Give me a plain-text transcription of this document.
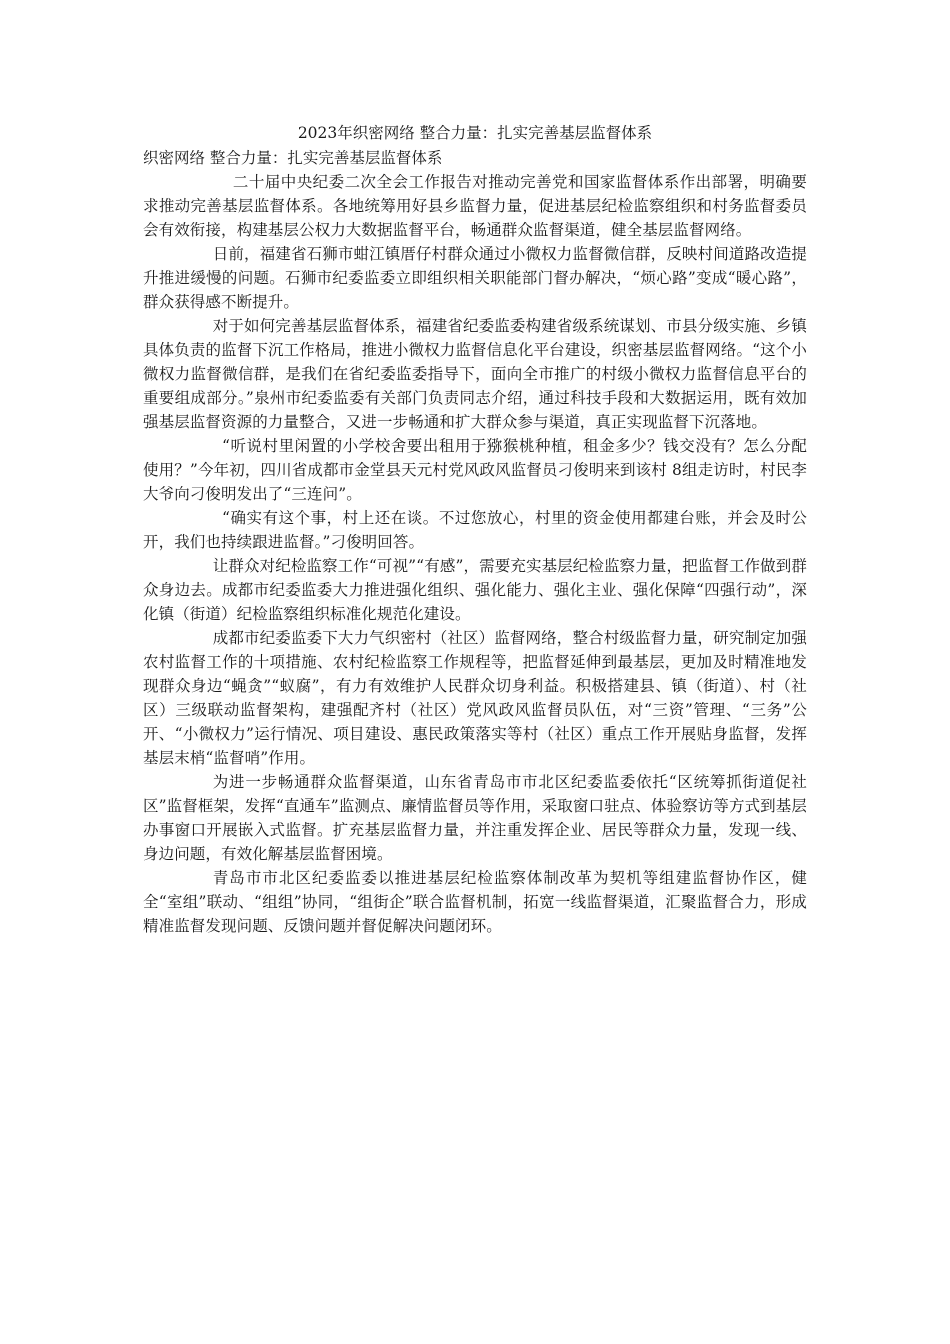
2023年织密网络 整合力量：扎实完善基层监督体系
织密网络 整合力量：扎实完善基层监督体系

二十届中央纪委二次全会工作报告对推动完善党和国家监督体系作出部署，明确要求推动完善基层监督体系。各地统筹用好县乡监督力量，促进基层纪检监察组织和村务监督委员会有效衔接，构建基层公权力大数据监督平台，畅通群众监督渠道，健全基层监督网络。

日前，福建省石狮市蚶江镇厝仔村群众通过小微权力监督微信群，反映村间道路改造提升推进缓慢的问题。石狮市纪委监委立即组织相关职能部门督办解决，“烦心路”变成“暖心路”，群众获得感不断提升。

对于如何完善基层监督体系，福建省纪委监委构建省级系统谋划、市县分级实施、乡镇具体负责的监督下沉工作格局，推进小微权力监督信息化平台建设，织密基层监督网络。“这个小微权力监督微信群，是我们在省纪委监委指导下，面向全市推广的村级小微权力监督信息平台的重要组成部分。”泉州市纪委监委有关部门负责同志介绍，通过科技手段和大数据运用，既有效加强基层监督资源的力量整合，又进一步畅通和扩大群众参与渠道，真正实现监督下沉落地。

“听说村里闲置的小学校舍要出租用于猕猴桃种植，租金多少？钱交没有？怎么分配使用？”今年初，四川省成都市金堂县天元村党风政风监督员刁俊明来到该村 8组走访时，村民李大爷向刁俊明发出了“三连问”。

“确实有这个事，村上还在谈。不过您放心，村里的资金使用都建台账，并会及时公开，我们也持续跟进监督。”刁俊明回答。

让群众对纪检监察工作“可视”“有感”，需要充实基层纪检监察力量，把监督工作做到群众身边去。成都市纪委监委大力推进强化组织、强化能力、强化主业、强化保障“四强行动”，深化镇（街道）纪检监察组织标准化规范化建设。

成都市纪委监委下大力气织密村（社区）监督网络，整合村级监督力量，研究制定加强农村监督工作的十项措施、农村纪检监察工作规程等，把监督延伸到最基层，更加及时精准地发现群众身边“蝇贪”“蚁腐”，有力有效维护人民群众切身利益。积极搭建县、镇（街道）、村（社区）三级联动监督架构，建强配齐村（社区）党风政风监督员队伍，对“三资”管理、“三务”公开、“小微权力”运行情况、项目建设、惠民政策落实等村（社区）重点工作开展贴身监督，发挥基层末梢“监督哨”作用。

为进一步畅通群众监督渠道，山东省青岛市市北区纪委监委依托“区统筹抓街道促社区”监督框架，发挥“直通车”监测点、廉情监督员等作用，采取窗口驻点、体验察访等方式到基层办事窗口开展嵌入式监督。扩充基层监督力量，并注重发挥企业、居民等群众力量，发现一线、身边问题，有效化解基层监督困境。

青岛市市北区纪委监委以推进基层纪检监察体制改革为契机等组建监督协作区，健全“室组”联动、“组组”协同，“组街企”联合监督机制，拓宽一线监督渠道，汇聚监督合力，形成精准监督发现问题、反馈问题并督促解决问题闭环。
